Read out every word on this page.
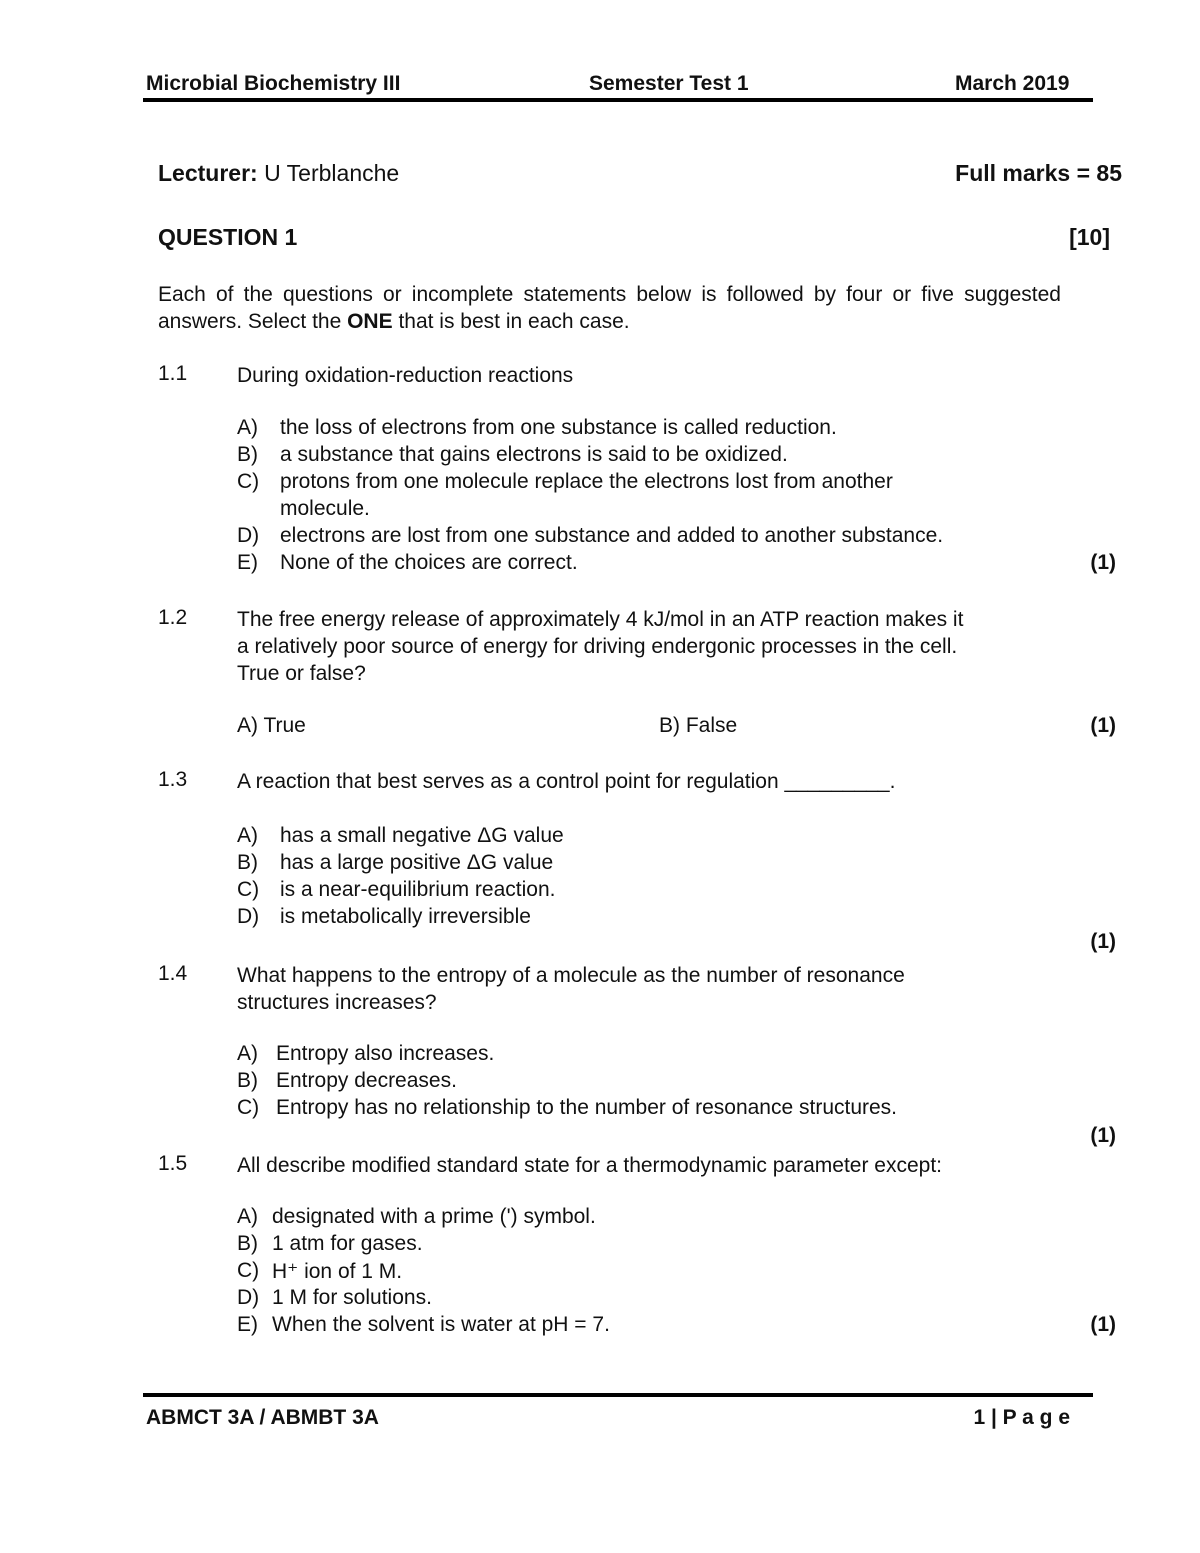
Microbial Biochemistry III	Semester Test 1	March 2019
Lecturer: U Terblanche	Full marks = 85
QUESTION 1	[10]
Each of the questions or incomplete statements below is followed by four or five suggested answers. Select the ONE that is best in each case.
1.1 During oxidation-reduction reactions
A) the loss of electrons from one substance is called reduction.
B) a substance that gains electrons is said to be oxidized.
C) protons from one molecule replace the electrons lost from another
molecule.
D) electrons are lost from one substance and added to another substance.
E) None of the choices are correct.	(1)
1.2 The free energy release of approximately 4 kJ/mol in an ATP reaction makes it
a relatively poor source of energy for driving endergonic processes in the cell.
True or false?
A) True	B) False	(1)
1.3 A reaction that best serves as a control point for regulation _________.
A) has a small negative ΔG value
B) has a large positive ΔG value
C) is a near-equilibrium reaction.
D) is metabolically irreversible
(1)
1.4 What happens to the entropy of a molecule as the number of resonance
structures increases?
A) Entropy also increases.
B) Entropy decreases.
C) Entropy has no relationship to the number of resonance structures.
(1)
1.5 All describe modified standard state for a thermodynamic parameter except:
A) designated with a prime (') symbol.
B) 1 atm for gases.
C) H⁺ ion of 1 M.
D) 1 M for solutions.
E) When the solvent is water at pH = 7.	(1)
ABMCT 3A / ABMBT 3A	1 | P a g e
